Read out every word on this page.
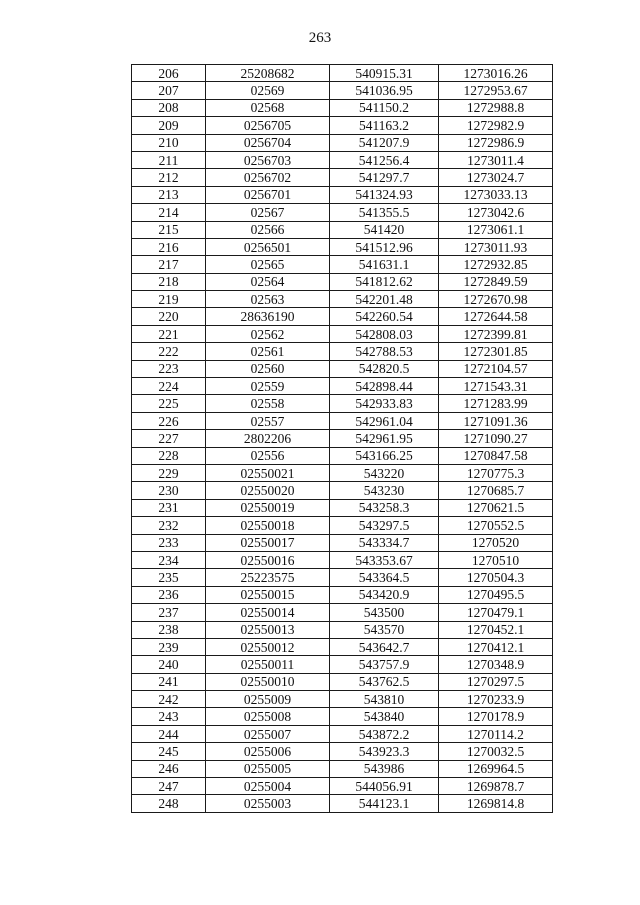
263
206	25208682	540915.31	1273016.26
207	02569	541036.95	1272953.67
208	02568	541150.2	1272988.8
209	0256705	541163.2	1272982.9
210	0256704	541207.9	1272986.9
211	0256703	541256.4	1273011.4
212	0256702	541297.7	1273024.7
213	0256701	541324.93	1273033.13
214	02567	541355.5	1273042.6
215	02566	541420	1273061.1
216	0256501	541512.96	1273011.93
217	02565	541631.1	1272932.85
218	02564	541812.62	1272849.59
219	02563	542201.48	1272670.98
220	28636190	542260.54	1272644.58
221	02562	542808.03	1272399.81
222	02561	542788.53	1272301.85
223	02560	542820.5	1272104.57
224	02559	542898.44	1271543.31
225	02558	542933.83	1271283.99
226	02557	542961.04	1271091.36
227	2802206	542961.95	1271090.27
228	02556	543166.25	1270847.58
229	02550021	543220	1270775.3
230	02550020	543230	1270685.7
231	02550019	543258.3	1270621.5
232	02550018	543297.5	1270552.5
233	02550017	543334.7	1270520
234	02550016	543353.67	1270510
235	25223575	543364.5	1270504.3
236	02550015	543420.9	1270495.5
237	02550014	543500	1270479.1
238	02550013	543570	1270452.1
239	02550012	543642.7	1270412.1
240	02550011	543757.9	1270348.9
241	02550010	543762.5	1270297.5
242	0255009	543810	1270233.9
243	0255008	543840	1270178.9
244	0255007	543872.2	1270114.2
245	0255006	543923.3	1270032.5
246	0255005	543986	1269964.5
247	0255004	544056.91	1269878.7
248	0255003	544123.1	1269814.8
